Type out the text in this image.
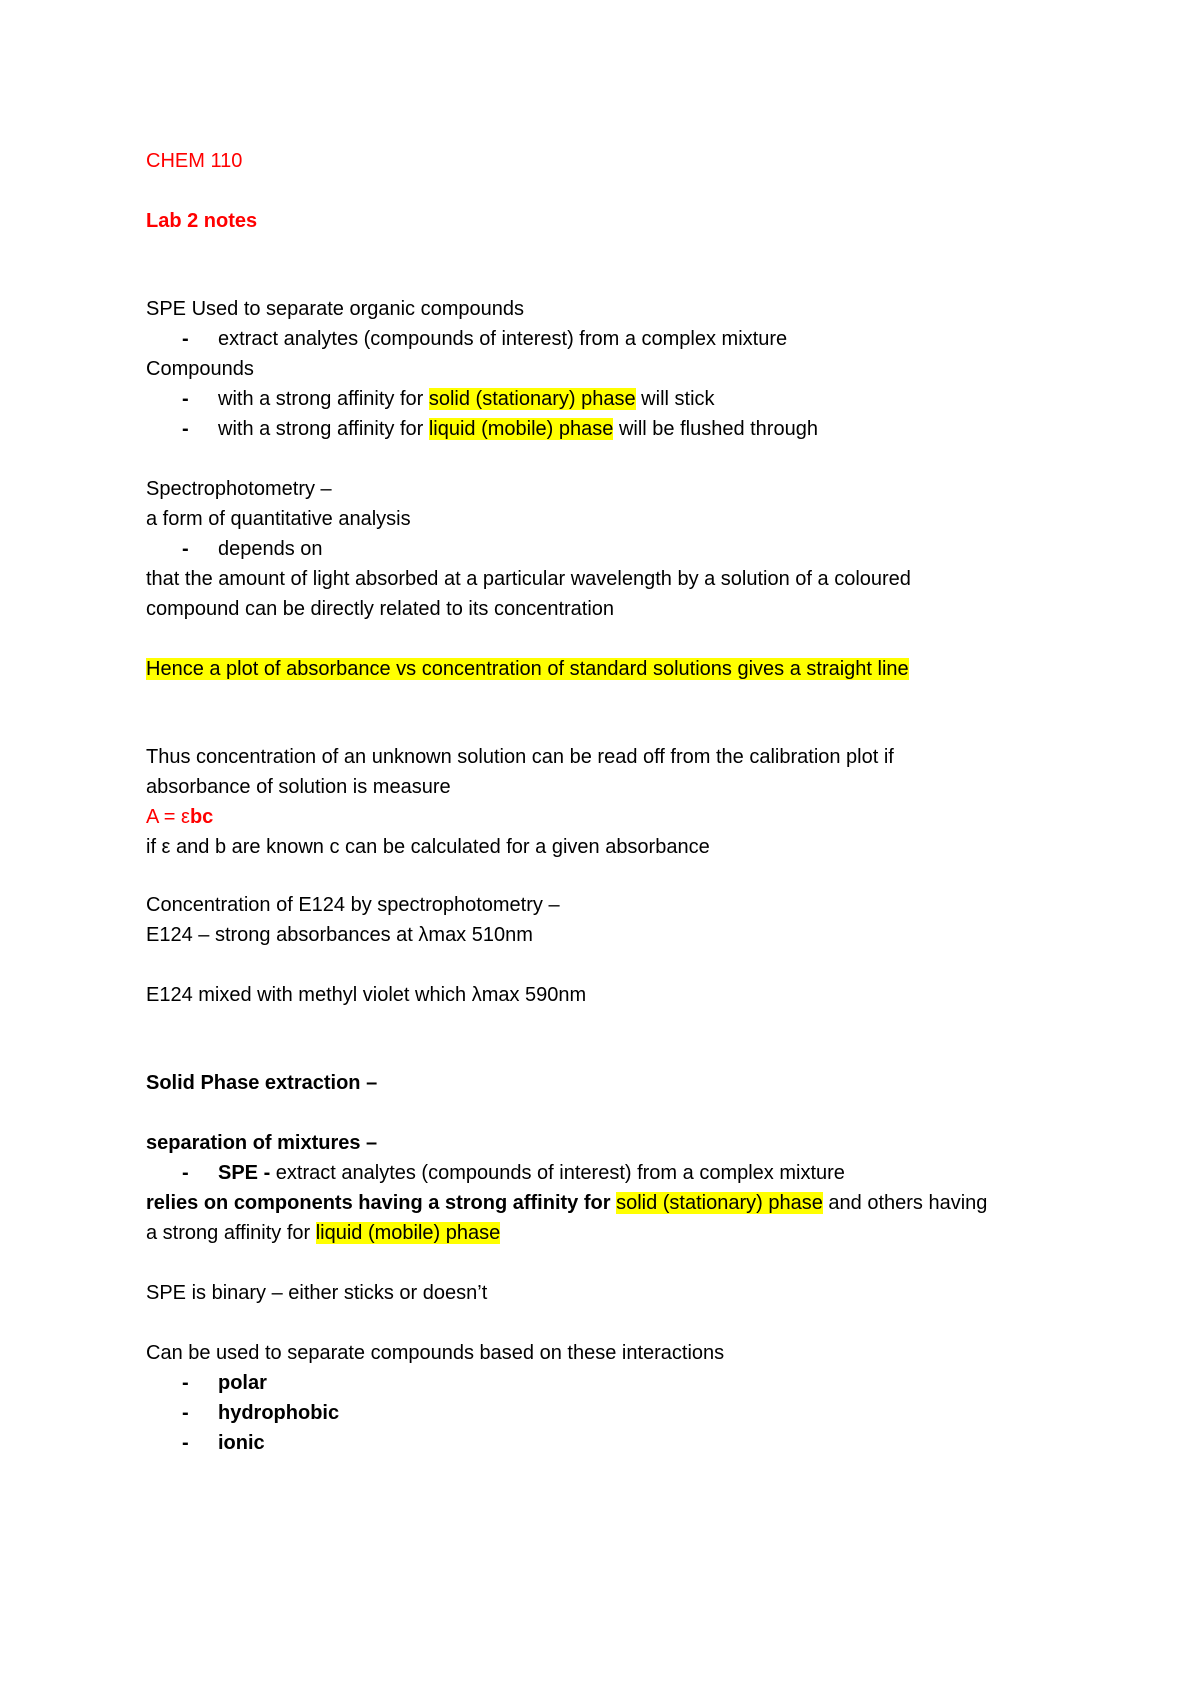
CHEM 110
Lab 2 notes
SPE Used to separate organic compounds
- extract analytes (compounds of interest) from a complex mixture
Compounds
- with a strong affinity for solid (stationary) phase will stick
- with a strong affinity for liquid (mobile) phase will be flushed through
Spectrophotometry –
a form of quantitative analysis
- depends on
that the amount of light absorbed at a particular wavelength by a solution of a coloured
compound can be directly related to its concentration
Hence a plot of absorbance vs concentration of standard solutions gives a straight line
Thus concentration of an unknown solution can be read off from the calibration plot if
absorbance of solution is measure
A = εbc
if ε and b are known c can be calculated for a given absorbance
Concentration of E124 by spectrophotometry –
E124 – strong absorbances at λmax 510nm
E124 mixed with methyl violet which λmax 590nm
Solid Phase extraction –
separation of mixtures –
- SPE - extract analytes (compounds of interest) from a complex mixture
relies on components having a strong affinity for solid (stationary) phase and others having
a strong affinity for liquid (mobile) phase
SPE is binary – either sticks or doesn’t
Can be used to separate compounds based on these interactions
- polar
- hydrophobic
- ionic
